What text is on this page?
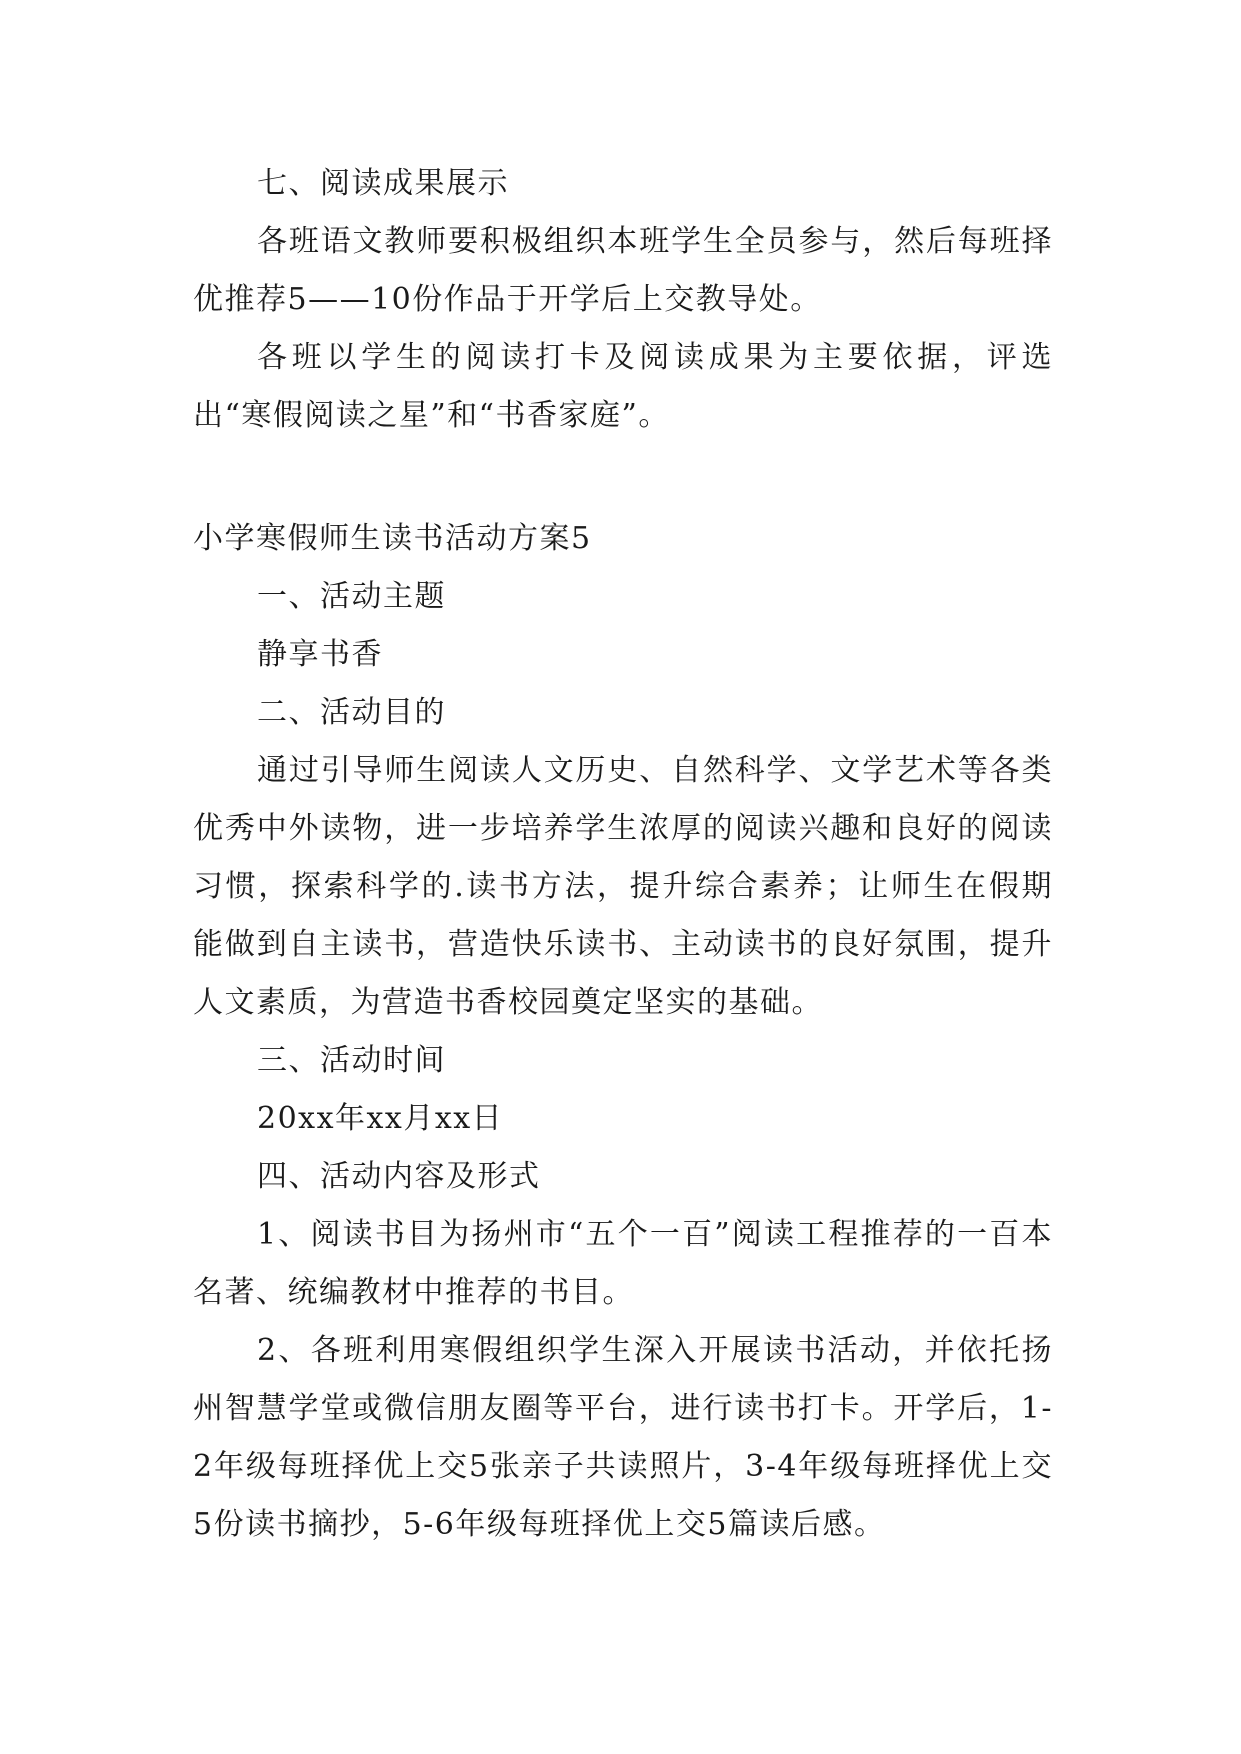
七、阅读成果展示

各班语文教师要积极组织本班学生全员参与，然后每班择优推荐5——10份作品于开学后上交教导处。

各班以学生的阅读打卡及阅读成果为主要依据，评选出“寒假阅读之星”和“书香家庭”。

小学寒假师生读书活动方案5

一、活动主题

静享书香

二、活动目的

通过引导师生阅读人文历史、自然科学、文学艺术等各类优秀中外读物，进一步培养学生浓厚的阅读兴趣和良好的阅读习惯，探索科学的.读书方法，提升综合素养；让师生在假期能做到自主读书，营造快乐读书、主动读书的良好氛围，提升人文素质，为营造书香校园奠定坚实的基础。

三、活动时间

20xx年xx月xx日

四、活动内容及形式

1、阅读书目为扬州市“五个一百”阅读工程推荐的一百本名著、统编教材中推荐的书目。

2、各班利用寒假组织学生深入开展读书活动，并依托扬州智慧学堂或微信朋友圈等平台，进行读书打卡。开学后，1-2年级每班择优上交5张亲子共读照片，3-4年级每班择优上交5份读书摘抄，5-6年级每班择优上交5篇读后感。
